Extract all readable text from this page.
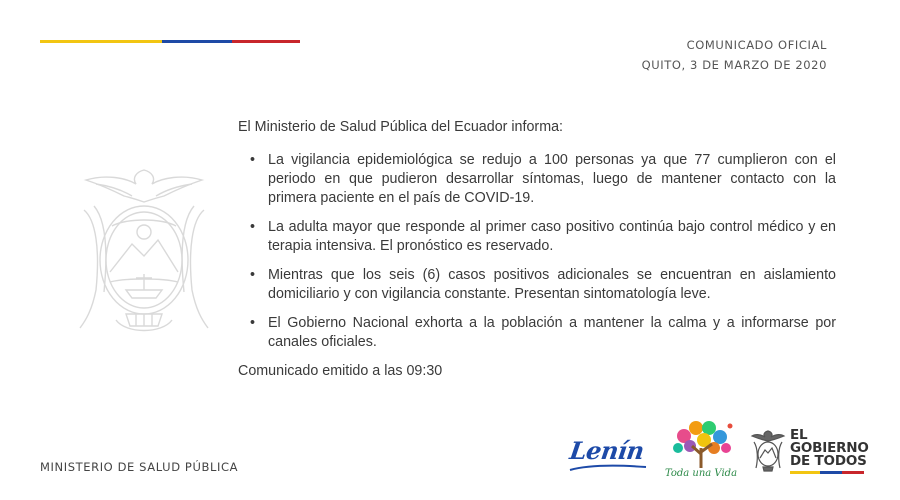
COMUNICADO OFICIAL
QUITO, 3 DE MARZO DE 2020

El Ministerio de Salud Pública del Ecuador informa:

• La vigilancia epidemiológica se redujo a 100 personas ya que 77 cumplieron con el periodo en que pudieron desarrollar síntomas, luego de mantener contacto con la primera paciente en el país de COVID-19.
• La adulta mayor que responde al primer caso positivo continúa bajo control médico y en terapia intensiva. El pronóstico es reservado.
• Mientras que los seis (6) casos positivos adicionales se encuentran en aislamiento domiciliario y con vigilancia constante. Presentan sintomatología leve.
• El Gobierno Nacional exhorta a la población a mantener la calma y a informarse por canales oficiales.

Comunicado emitido a las 09:30

MINISTERIO DE SALUD PÚBLICA
Lenín
Toda una Vida
EL
GOBIERNO
DE TODOS
